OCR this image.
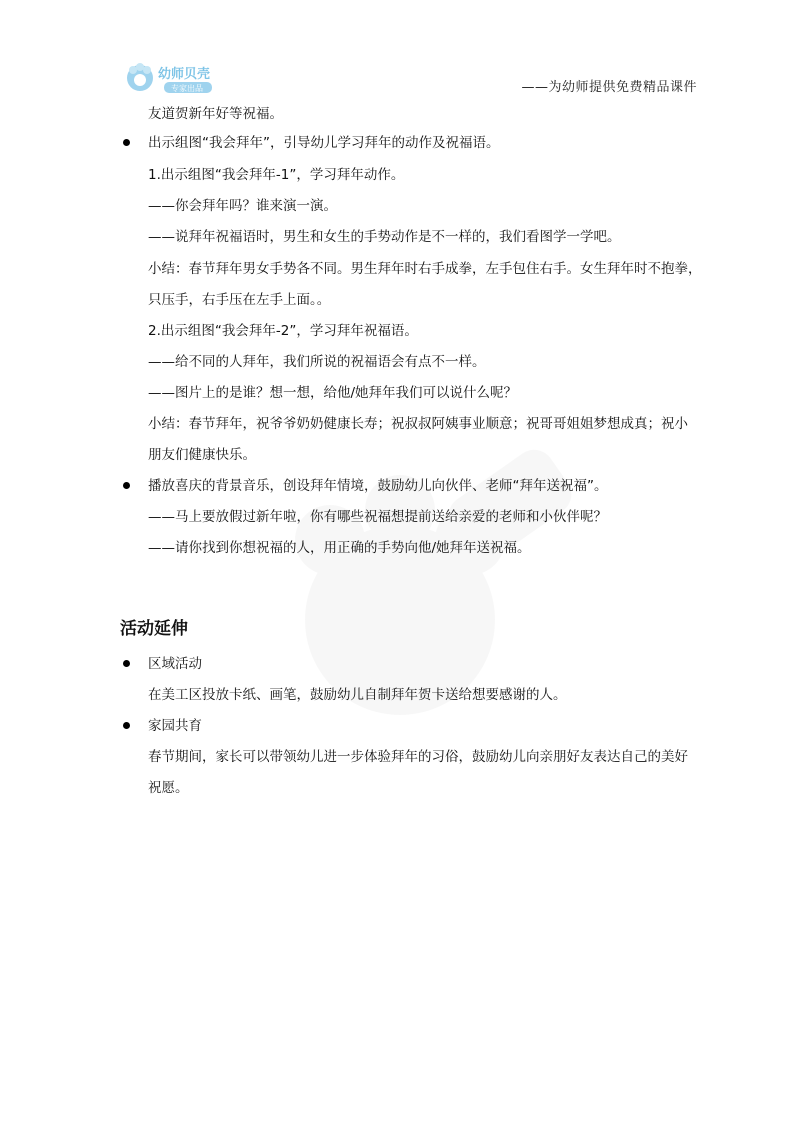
幼师贝壳
专家出品	——为幼师提供免费精品课件
友道贺新年好等祝福。
出示组图“我会拜年”，引导幼儿学习拜年的动作及祝福语。
1.出示组图“我会拜年-1”，学习拜年动作。
——你会拜年吗？谁来演一演。
——说拜年祝福语时，男生和女生的手势动作是不一样的，我们看图学一学吧。
小结：春节拜年男女手势各不同。男生拜年时右手成拳，左手包住右手。女生拜年时不抱拳，
只压手，右手压在左手上面。。
2.出示组图“我会拜年-2”，学习拜年祝福语。
——给不同的人拜年，我们所说的祝福语会有点不一样。
——图片上的是谁？想一想，给他/她拜年我们可以说什么呢？
小结：春节拜年，祝爷爷奶奶健康长寿；祝叔叔阿姨事业顺意；祝哥哥姐姐梦想成真；祝小
朋友们健康快乐。
播放喜庆的背景音乐，创设拜年情境，鼓励幼儿向伙伴、老师“拜年送祝福”。
——马上要放假过新年啦，你有哪些祝福想提前送给亲爱的老师和小伙伴呢？
——请你找到你想祝福的人，用正确的手势向他/她拜年送祝福。
活动延伸
区域活动
在美工区投放卡纸、画笔，鼓励幼儿自制拜年贺卡送给想要感谢的人。
家园共育
春节期间，家长可以带领幼儿进一步体验拜年的习俗，鼓励幼儿向亲朋好友表达自己的美好
祝愿。
